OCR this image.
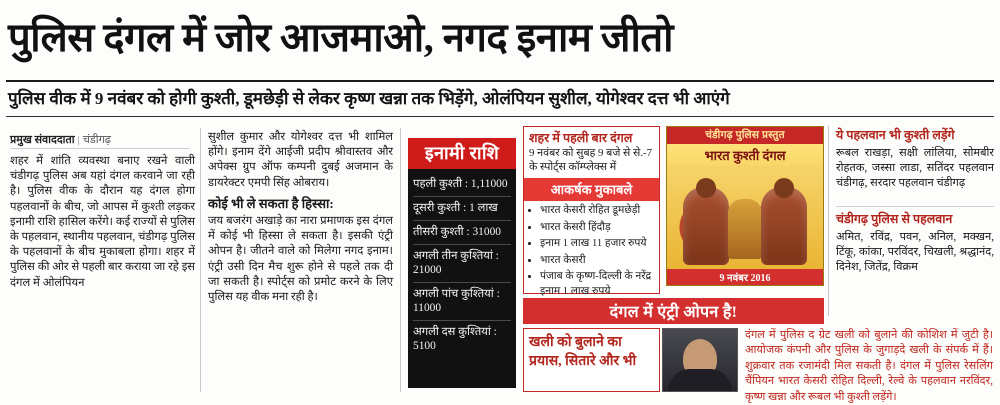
पुलिस दंगल में जोर आजमाओ, नगद इनाम जीतो
पुलिस वीक में 9 नवंबर को होगी कुश्ती, डूमछेड़ी से लेकर कृष्ण खन्ना तक भिड़ेंगे, ओलंपियन सुशील, योगेश्वर दत्त भी आएंगे
प्रमुख संवाददाता | चंडीगढ़
शहर में शांति व्यवस्था बनाए रखने वाली चंडीगढ़ पुलिस अब यहां दंगल करवाने जा रही है। पुलिस वीक के दौरान यह दंगल होगा पहलवानों के बीच, जो आपस में कुश्ती लड़कर इनामी राशि हासिल करेंगे। कई राज्यों से पुलिस के पहलवान, स्थानीय पहलवान, चंडीगढ़ पुलिस के पहलवानों के बीच मुकाबला होगा। शहर में पुलिस की ओर से पहली बार कराया जा रहे इस दंगल में ओलंपियन
सुशील कुमार और योगेश्वर दत्त भी शामिल होंगे। इनाम देंगे आईजी प्रदीप श्रीवास्तव और अपेक्स ग्रुप ऑफ कम्पनी दुबई अजमान के डायरेक्टर एमपी सिंह ओबराय।
कोई भी ले सकता है हिस्सा:
जय बजरंग अखाड़े का नारा प्रमाणक इस दंगल में कोई भी हिस्सा ले सकता है। इसकी एंट्री ओपन है। जीतने वाले को मिलेगा नगद इनाम। एंट्री उसी दिन मैच शुरू होने से पहले तक दी जा सकती है। स्पोर्ट्स को प्रमोट करने के लिए पुलिस यह वीक मना रही है।
इनामी राशि
पहली कुश्ती : 1,11000
दूसरी कुश्ती : 1 लाख
तीसरी कुश्ती : 31000
अगली तीन कुश्तियां : 21000
अगली पांच कुश्तियां : 11000
अगली दस कुश्तियां : 5100
शहर में पहली बार दंगल
9 नवंबर को सुबह 9 बजे से से.-7 के स्पोर्ट्स कॉम्प्लेक्स में
आकर्षक मुकाबले
• भारत केसरी रोहित डूमछेड़ी
• भारत केसरी हिंदौड़
• इनाम 1 लाख 11 हजार रुपये
• भारत केसरी
• पंजाब के कृष्ण-दिल्ली के नरेंद्र इनाम 1 लाख रुपये
चंडीगढ़ पुलिस प्रस्तुत
भारत कुश्ती दंगल
9 नवंबर 2016
दंगल में एंट्री ओपन है!
खली को बुलाने का प्रयास, सितारे और भी
ये पहलवान भी कुश्ती लड़ेंगे
रूबल राखड़ा, सक्षी लांलिया, सोमबीर रोहतक, जस्सा लाडा, सतिंदर पहलवान चंडीगढ़, सरदार पहलवान चंडीगढ़
चंडीगढ़ पुलिस से पहलवान
अमित, रविंद्र, पवन, अनिल, मक्खन, टिंकू, कांका, परविंदर, चिखली, श्रद्धानंद, दिनेश, जितेंद्र, विक्रम
दंगल में पुलिस द ग्रेट खली को बुलाने की कोशिश में जुटी है। आयोजक कंपनी और पुलिस के जुगाड़दे खली के संपर्क में हैं। शुक्रवार तक रजामंदी मिल सकती है। दंगल में पुलिस रेसलिंग चैंपियन भारत केसरी रोहित दिल्ली, रेल्वे के पहलवान नरविंदर, कृष्ण खन्ना और रूबल भी कुश्ती लड़ेंगे।
